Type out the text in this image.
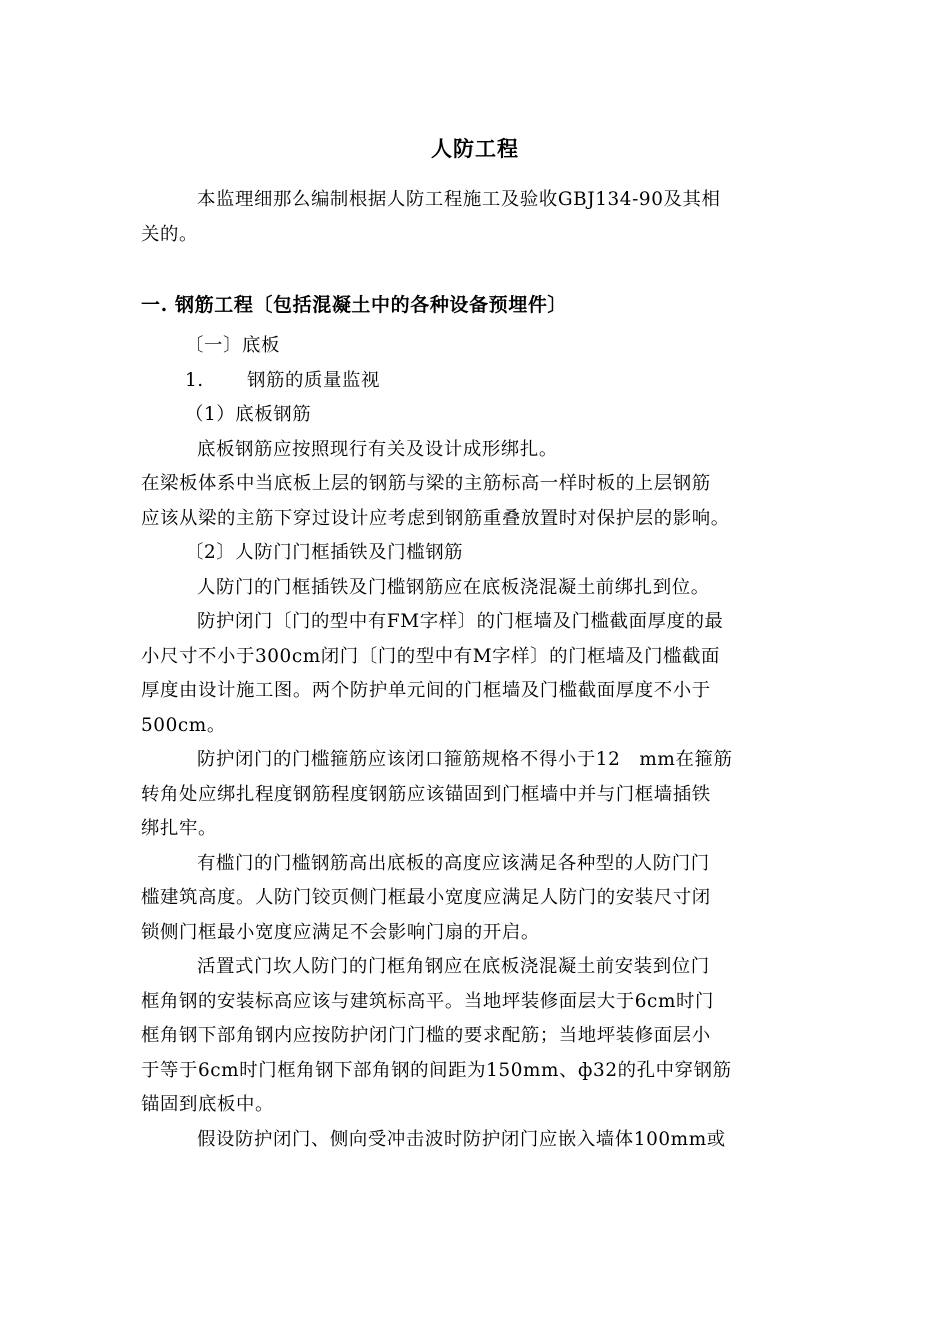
人防工程
本监理细那么编制根据人防工程施工及验收GBJ134-90及其相
关的。
一. 钢筋工程〔包括混凝土中的各种设备预埋件〕
〔一〕底板
1. 钢筋的质量监视
（1）底板钢筋
底板钢筋应按照现行有关及设计成形绑扎。
在梁板体系中当底板上层的钢筋与梁的主筋标高一样时板的上层钢筋
应该从梁的主筋下穿过设计应考虑到钢筋重叠放置时对保护层的影响。
〔2〕人防门门框插铁及门槛钢筋
人防门的门框插铁及门槛钢筋应在底板浇混凝土前绑扎到位。
防护闭门〔门的型中有FM字样〕的门框墙及门槛截面厚度的最
小尺寸不小于300cm闭门〔门的型中有M字样〕的门框墙及门槛截面
厚度由设计施工图。两个防护单元间的门框墙及门槛截面厚度不小于
500cm。
防护闭门的门槛箍筋应该闭口箍筋规格不得小于12　mm在箍筋
转角处应绑扎程度钢筋程度钢筋应该锚固到门框墙中并与门框墙插铁
绑扎牢。
有槛门的门槛钢筋高出底板的高度应该满足各种型的人防门门
槛建筑高度。人防门铰页侧门框最小宽度应满足人防门的安装尺寸闭
锁侧门框最小宽度应满足不会影响门扇的开启。
活置式门坎人防门的门框角钢应在底板浇混凝土前安装到位门
框角钢的安装标高应该与建筑标高平。当地坪装修面层大于6cm时门
框角钢下部角钢内应按防护闭门门槛的要求配筋；当地坪装修面层小
于等于6cm时门框角钢下部角钢的间距为150mm、ф32的孔中穿钢筋
锚固到底板中。
假设防护闭门、侧向受冲击波时防护闭门应嵌入墙体100mm或
